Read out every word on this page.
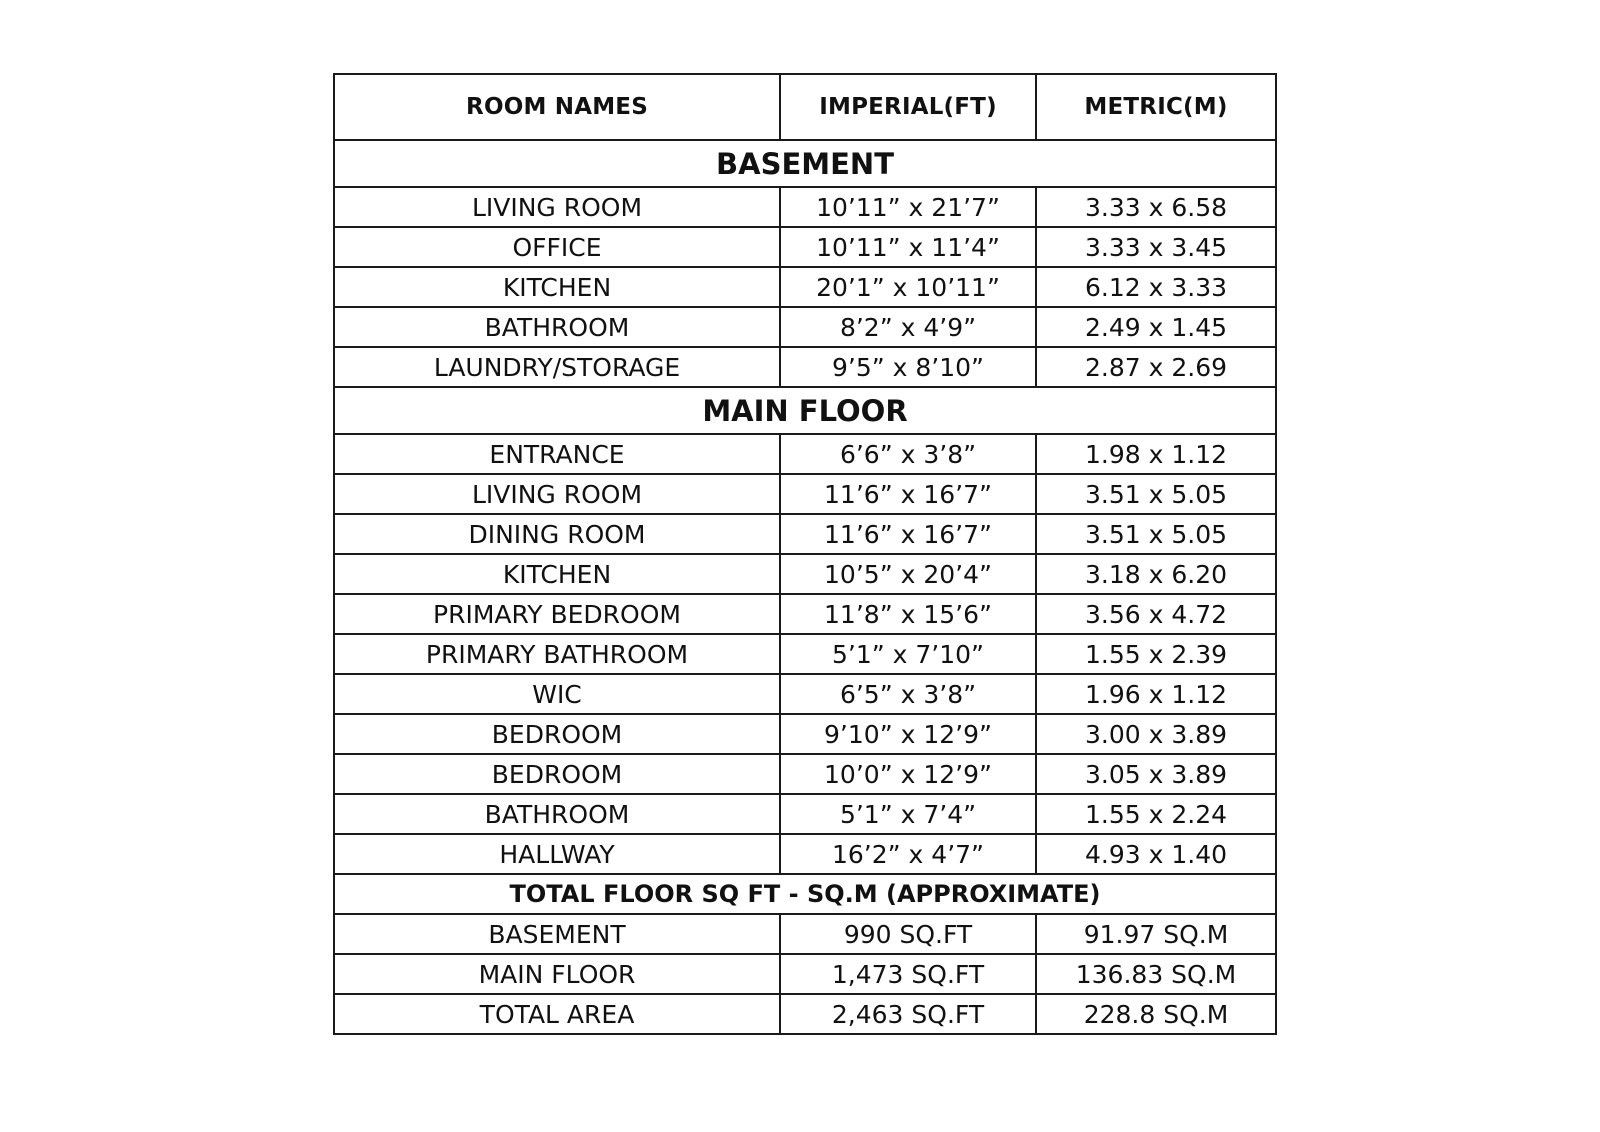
ROOM NAMES	IMPERIAL(FT)	METRIC(M)
BASEMENT		
LIVING ROOM	10’11” x 21’7”	3.33 x 6.58
OFFICE	10’11” x 11’4”	3.33 x 3.45
KITCHEN	20’1” x 10’11”	6.12 x 3.33
BATHROOM	8’2” x 4’9”	2.49 x 1.45
LAUNDRY/STORAGE	9’5” x 8’10”	2.87 x 2.69
MAIN FLOOR		
ENTRANCE	6’6” x 3’8”	1.98 x 1.12
LIVING ROOM	11’6” x 16’7”	3.51 x 5.05
DINING ROOM	11’6” x 16’7”	3.51 x 5.05
KITCHEN	10’5” x 20’4”	3.18 x 6.20
PRIMARY BEDROOM	11’8” x 15’6”	3.56 x 4.72
PRIMARY BATHROOM	5’1” x 7’10”	1.55 x 2.39
WIC	6’5” x 3’8”	1.96 x 1.12
BEDROOM	9’10” x 12’9”	3.00 x 3.89
BEDROOM	10’0” x 12’9”	3.05 x 3.89
BATHROOM	5’1” x 7’4”	1.55 x 2.24
HALLWAY	16’2” x 4’7”	4.93 x 1.40
TOTAL FLOOR SQ FT - SQ.M (APPROXIMATE)		
BASEMENT	990 SQ.FT	91.97 SQ.M
MAIN FLOOR	1,473 SQ.FT	136.83 SQ.M
TOTAL AREA	2,463 SQ.FT	228.8 SQ.M
